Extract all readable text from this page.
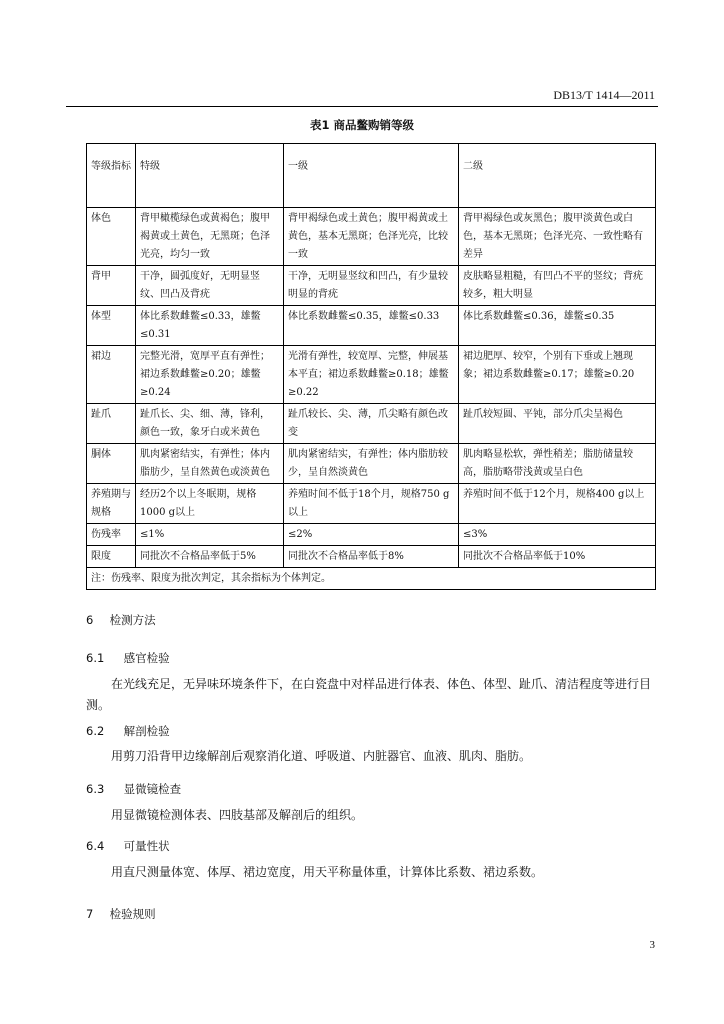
DB13/T 1414—2011
表1 商品鳖购销等级
等级指标	特级	一级	二级
体色	背甲橄榄绿色或黄褐色；腹甲褐黄或土黄色，无黑斑；色泽光亮，均匀一致	背甲褐绿色或土黄色；腹甲褐黄或土黄色，基本无黑斑；色泽光亮，比较一致	背甲褐绿色或灰黑色；腹甲淡黄色或白色，基本无黑斑；色泽光亮、一致性略有差异
背甲	干净，圆弧度好，无明显竖纹、凹凸及背疣	干净，无明显竖纹和凹凸，有少量较明显的背疣	皮肤略显粗糙，有凹凸不平的竖纹；背疣较多，粗大明显
体型	体比系数雌鳖≤0.33，雄鳖≤0.31	体比系数雌鳖≤0.35，雄鳖≤0.33	体比系数雌鳖≤0.36，雄鳖≤0.35
裙边	完整光滑，宽厚平直有弹性；裙边系数雌鳖≥0.20；雄鳖≥0.24	光滑有弹性，较宽厚、完整，伸展基本平直；裙边系数雌鳖≥0.18；雄鳖≥0.22	裙边肥厚、较窄，个别有下垂或上翘现象；裙边系数雌鳖≥0.17；雄鳖≥0.20
趾爪	趾爪长、尖、细、薄，锋利，颜色一致，象牙白或米黄色	趾爪较长、尖、薄，爪尖略有颜色改变	趾爪较短圆、平钝，部分爪尖呈褐色
胴体	肌肉紧密结实，有弹性；体内脂肪少，呈自然黄色或淡黄色	肌肉紧密结实，有弹性；体内脂肪较少，呈自然淡黄色	肌肉略显松软，弹性稍差；脂肪储量较高，脂肪略带浅黄或呈白色
养殖期与规格	经历2个以上冬眠期，规格1000 g以上	养殖时间不低于18个月，规格750 g以上	养殖时间不低于12个月，规格400 g以上
伤残率	≤1%	≤2%	≤3%
限度	同批次不合格品率低于5%	同批次不合格品率低于8%	同批次不合格品率低于10%
注：伤残率、限度为批次判定，其余指标为个体判定。			
6 检测方法
6.1 感官检验
在光线充足，无异味环境条件下，在白瓷盘中对样品进行体表、体色、体型、趾爪、清洁程度等进行目测。
6.2 解剖检验
用剪刀沿背甲边缘解剖后观察消化道、呼吸道、内脏器官、血液、肌肉、脂肪。
6.3 显微镜检查
用显微镜检测体表、四肢基部及解剖后的组织。
6.4 可量性状
用直尺测量体宽、体厚、裙边宽度，用天平称量体重，计算体比系数、裙边系数。
7 检验规则
3
